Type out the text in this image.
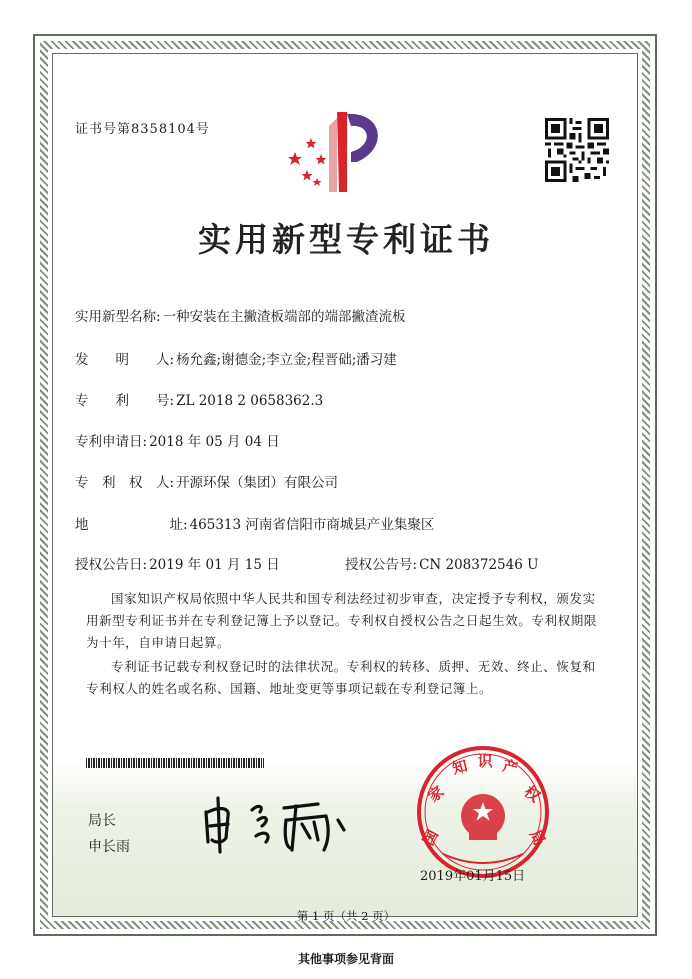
证书号第8358104号
实用新型专利证书
实用新型名称: 一种安装在主撇渣板端部的端部撇渣流板
发　　明　　人: 杨允鑫;谢德金;李立金;程晋础;潘习建
专　　利　　号: ZL 2018 2 0658362.3
专利申请日: 2018 年 05 月 04 日
专　利　权　人: 开源环保（集团）有限公司
地　　　　　　址: 465313 河南省信阳市商城县产业集聚区
授权公告日: 2019 年 01 月 15 日	授权公告号: CN 208372546 U
国家知识产权局依照中华人民共和国专利法经过初步审查，决定授予专利权，颁发实用新型专利证书并在专利登记簿上予以登记。专利权自授权公告之日起生效。专利权期限为十年，自申请日起算。
专利证书记载专利权登记时的法律状况。专利权的转移、质押、无效、终止、恢复和专利权人的姓名或名称、国籍、地址变更等事项记载在专利登记簿上。
局长
申长雨	国
家
知 识 产
权
局
2019年01月15日
第 1 页（共 2 页）
其他事项参见背面
